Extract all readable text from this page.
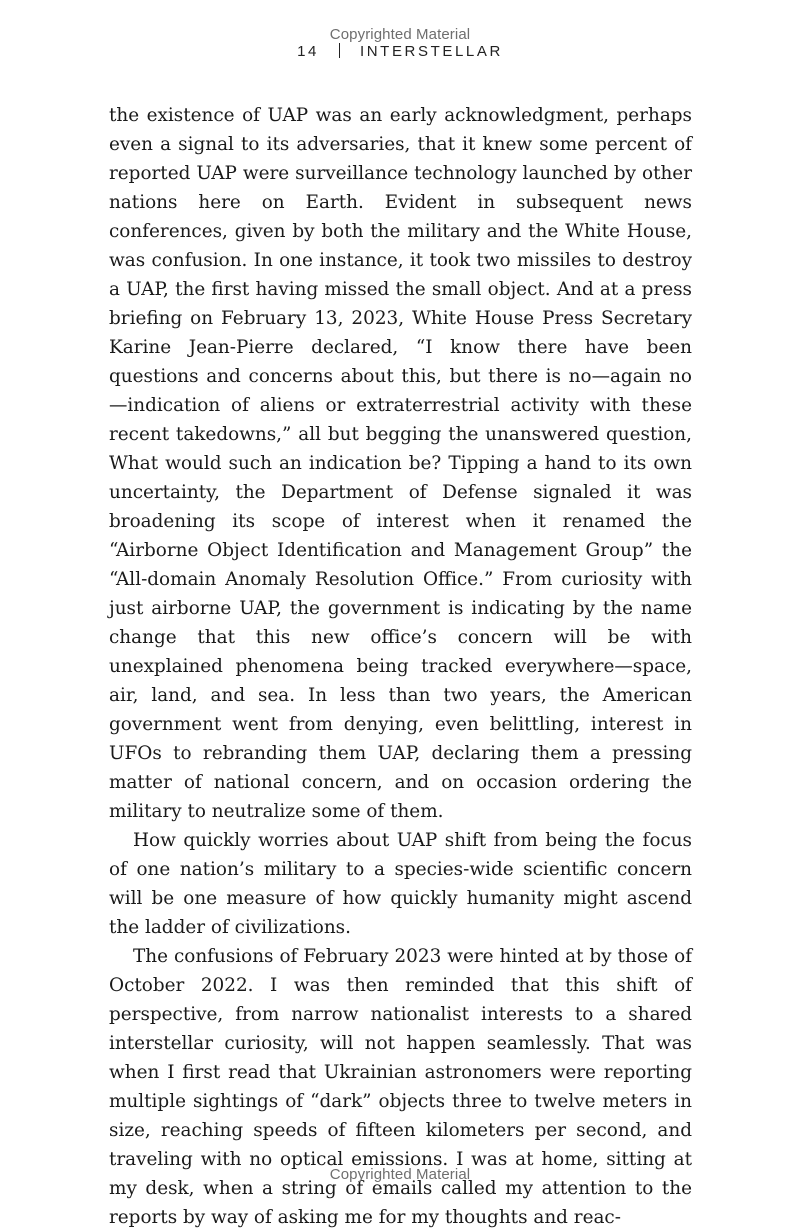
Copyrighted Material
14	INTERSTELLAR

the existence of UAP was an early acknowledgment, perhaps even a signal to its adversaries, that it knew some percent of reported UAP were surveillance technology launched by other nations here on Earth. Evident in subsequent news conferences, given by both the military and the White House, was confusion. In one instance, it took two missiles to destroy a UAP, the first having missed the small object. And at a press briefing on February 13, 2023, White House Press Secretary Karine Jean-Pierre declared, “I know there have been questions and concerns about this, but there is no—again no—indication of aliens or extraterrestrial activity with these recent takedowns,” all but begging the unanswered question, What would such an indication be? Tipping a hand to its own uncertainty, the Department of Defense signaled it was broadening its scope of interest when it renamed the “Airborne Object Identification and Management Group” the “All-domain Anomaly Resolution Office.” From curiosity with just airborne UAP, the government is indicating by the name change that this new office’s concern will be with unexplained phenomena being tracked everywhere—space, air, land, and sea. In less than two years, the American government went from denying, even belittling, interest in UFOs to rebranding them UAP, declaring them a pressing matter of national concern, and on occasion ordering the military to neutralize some of them.

How quickly worries about UAP shift from being the focus of one nation’s military to a species-wide scientific concern will be one measure of how quickly humanity might ascend the ladder of civilizations.

The confusions of February 2023 were hinted at by those of October 2022. I was then reminded that this shift of perspective, from narrow nationalist interests to a shared interstellar curiosity, will not happen seamlessly. That was when I first read that Ukrainian astronomers were reporting multiple sightings of “dark” objects three to twelve meters in size, reaching speeds of fifteen kilometers per second, and traveling with no optical emissions. I was at home, sitting at my desk, when a string of emails called my attention to the reports by way of asking me for my thoughts and reac-

Copyrighted Material
